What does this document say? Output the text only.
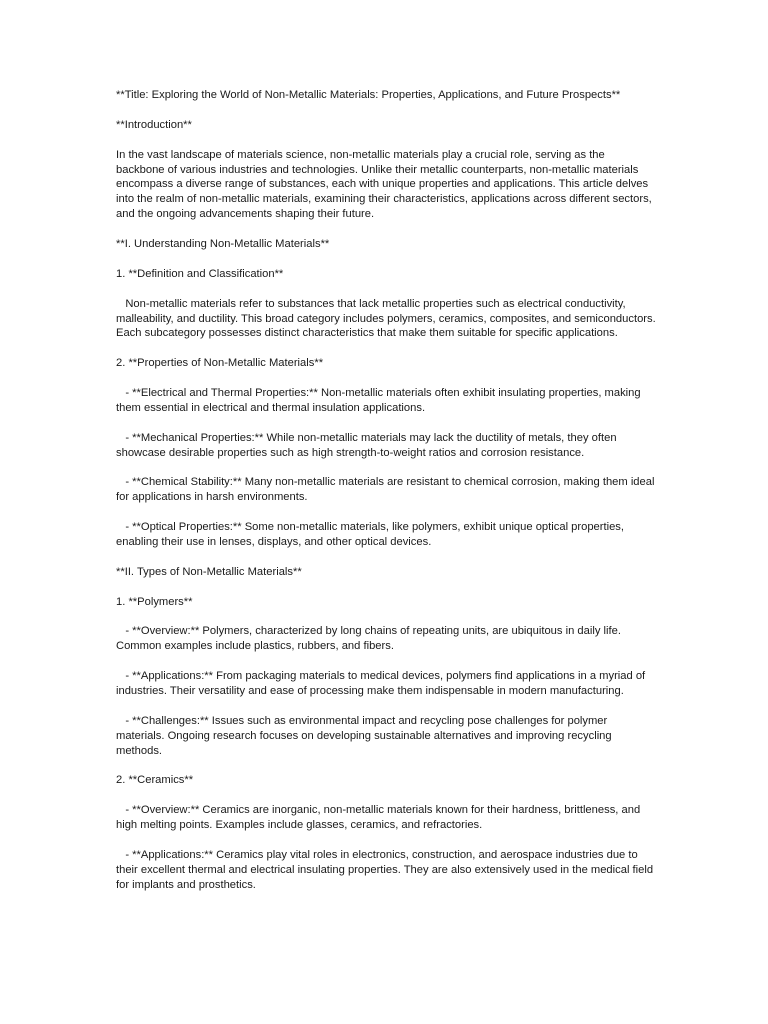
**Title: Exploring the World of Non-Metallic Materials: Properties, Applications, and Future Prospects**

**Introduction**

In the vast landscape of materials science, non-metallic materials play a crucial role, serving as the backbone of various industries and technologies. Unlike their metallic counterparts, non-metallic materials encompass a diverse range of substances, each with unique properties and applications. This article delves into the realm of non-metallic materials, examining their characteristics, applications across different sectors, and the ongoing advancements shaping their future.

**I. Understanding Non-Metallic Materials**

1. **Definition and Classification**

Non-metallic materials refer to substances that lack metallic properties such as electrical conductivity, malleability, and ductility. This broad category includes polymers, ceramics, composites, and semiconductors. Each subcategory possesses distinct characteristics that make them suitable for specific applications.

2. **Properties of Non-Metallic Materials**

- **Electrical and Thermal Properties:** Non-metallic materials often exhibit insulating properties, making them essential in electrical and thermal insulation applications.

- **Mechanical Properties:** While non-metallic materials may lack the ductility of metals, they often showcase desirable properties such as high strength-to-weight ratios and corrosion resistance.

- **Chemical Stability:** Many non-metallic materials are resistant to chemical corrosion, making them ideal for applications in harsh environments.

- **Optical Properties:** Some non-metallic materials, like polymers, exhibit unique optical properties, enabling their use in lenses, displays, and other optical devices.

**II. Types of Non-Metallic Materials**

1. **Polymers**

- **Overview:** Polymers, characterized by long chains of repeating units, are ubiquitous in daily life. Common examples include plastics, rubbers, and fibers.

- **Applications:** From packaging materials to medical devices, polymers find applications in a myriad of industries. Their versatility and ease of processing make them indispensable in modern manufacturing.

- **Challenges:** Issues such as environmental impact and recycling pose challenges for polymer materials. Ongoing research focuses on developing sustainable alternatives and improving recycling methods.

2. **Ceramics**

- **Overview:** Ceramics are inorganic, non-metallic materials known for their hardness, brittleness, and high melting points. Examples include glasses, ceramics, and refractories.

- **Applications:** Ceramics play vital roles in electronics, construction, and aerospace industries due to their excellent thermal and electrical insulating properties. They are also extensively used in the medical field for implants and prosthetics.
